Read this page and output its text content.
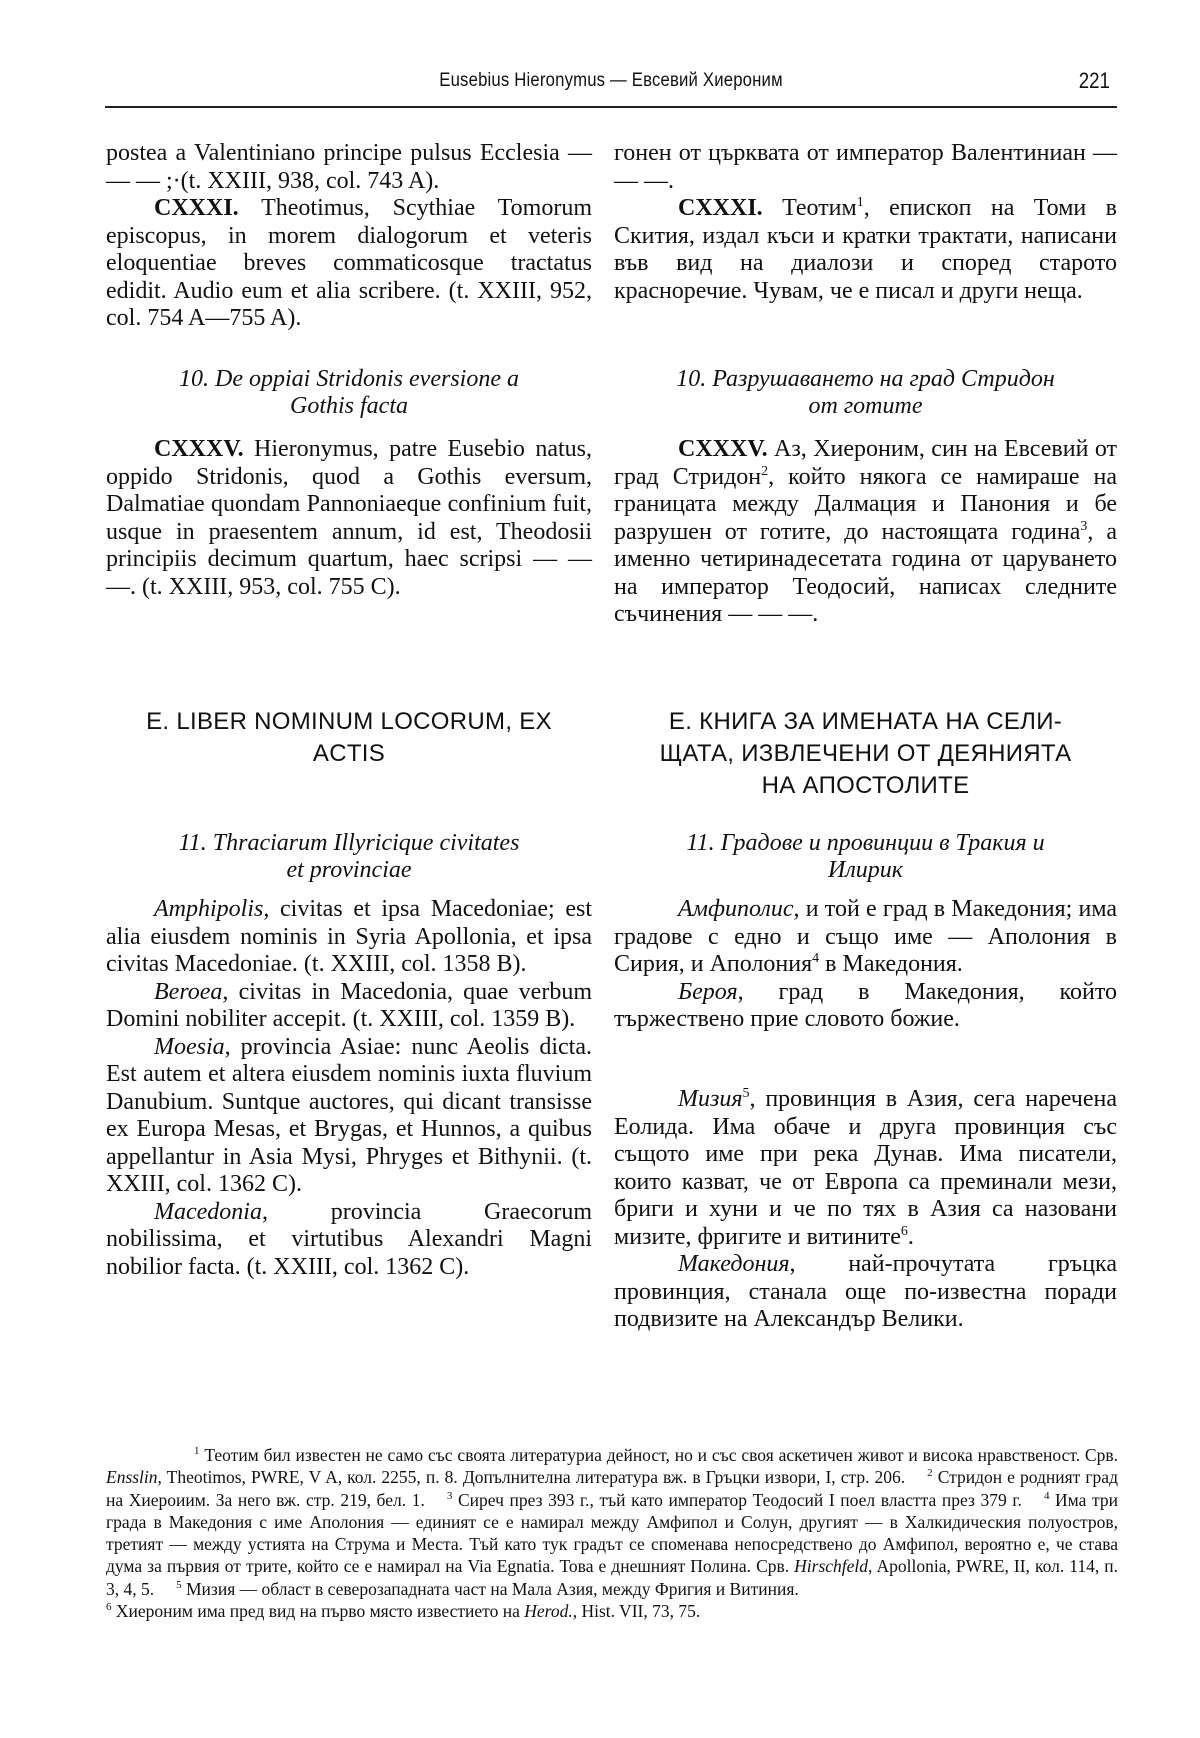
Eusebius Hieronymus — Евсевий Хиероним	221

postea a Valentiniano principe pulsus Ecclesia — — — ;·(t. XXIII, 938, col. 743 A).

CXXXI. Theotimus, Scythiae Tomorum episcopus, in morem dialogorum et veteris eloquentiae breves commaticosque tractatus edidit. Audio eum et alia scribere. (t. XXIII, 952, col. 754 A—755 A).

10. De oppiai Stridonis eversione a
Gothis facta

CXXXV. Hieronymus, patre Eusebio natus, oppido Stridonis, quod a Gothis eversum, Dalmatiae quondam Pannoniaeque confinium fuit, usque in praesentem annum, id est, Theodosii principiis decimum quartum, haec scripsi — — —. (t. XXIII, 953, col. 755 C).

E. LIBER NOMINUM LOCORUM, EX
ACTIS
11. Thraciarum Illyricique civitates
et provinciae

Amphipolis, civitas et ipsa Macedoniae; est alia eiusdem nominis in Syria Apollonia, et ipsa civitas Macedoniae. (t. XXIII, col. 1358 B).

Beroea, civitas in Macedonia, quae verbum Domini nobiliter accepit. (t. XXIII, col. 1359 B).

Moesia, provincia Asiae: nunc Aeolis dicta. Est autem et altera eiusdem nominis iuxta fluvium Danubium. Suntque auctores, qui dicant transisse ex Europa Mesas, et Brygas, et Hunnos, a quibus appellantur in Asia Mysi, Phryges et Bithynii. (t. XXIII, col. 1362 C).

Macedonia, provincia Graecorum nobilissima, et virtutibus Alexandri Magni nobilior facta. (t. XXIII, col. 1362 C).

гонен от църквата от император Валентиниан — — —.

CXXXI. Теотим$^1$, епископ на Томи в Скития, издал къси и кратки трактати, написани във вид на диалози и според старото красноречие. Чувам, че е писал и други неща.

10. Разрушаването на град Стридон
от готите

CXXXV. Аз, Хиероним, син на Евсевий от град Стридон$^2$, който някога се намираше на границата между Далмация и Панония и бе разрушен от готите, до настоящата година$^3$, а именно четиринадесетата година от царуването на император Теодосий, написах следните съчинения — — —.

Е. КНИГА ЗА ИМЕНАТА НА СЕЛИ-
ЩАТА, ИЗВЛЕЧЕНИ ОТ ДЕЯНИЯТА
НА АПОСТОЛИТЕ
11. Градове и провинции в Тракия и
Илирик

Амфиполис, и той е град в Македония; има градове с едно и също име — Аполония в Сирия, и Аполония$^4$ в Македония.

Бероя, град в Македония, който тържествено прие словото божие.

Мизия$^5$, провинция в Азия, сега наречена Еолида. Има обаче и друга провинция със същото име при река Дунав. Има писатели, които казват, че от Европа са преминали мези, бриги и хуни и че по тях в Азия са назовани мизите, фригите и витините$^6$.

Македония, най-прочутата гръцка провинция, станала още по-известна поради подвизите на Александър Велики.

$^1$ Теотим бил известен не само със своята литературиа дейност, но и със своя аскетичен живот и висока нравственост. Срв. Ensslin, Theotimos, PWRE, V A, кол. 2255, п. 8. Допълнителна литература вж. в Гръцки извори, I, стр. 206. $^2$ Стридон е родният град на Хиероиим. За него вж. стр. 219, бел. 1. $^3$ Сиреч през 393 г., тъй като император Теодосий I поел властта през 379 г. $^4$ Има три града в Македония с име Аполония — единият се е намирал между Амфипол и Солун, другият — в Халкидическия полуостров, третият — между устията на Струма и Места. Тъй като тук градът се споменава непосредствено до Амфипол, вероятно е, че става дума за първия от трите, който се е намирал на Via Egnatia. Това е днешният Полина. Срв. Hirschfeld, Apollonia, PWRE, II, кол. 114, п. 3, 4, 5. $^5$ Мизия — област в северозападната част на Мала Азия, между Фригия и Витиния.

$^6$ Хиероним има пред вид на първо място известието на Herod., Hist. VII, 73, 75.
